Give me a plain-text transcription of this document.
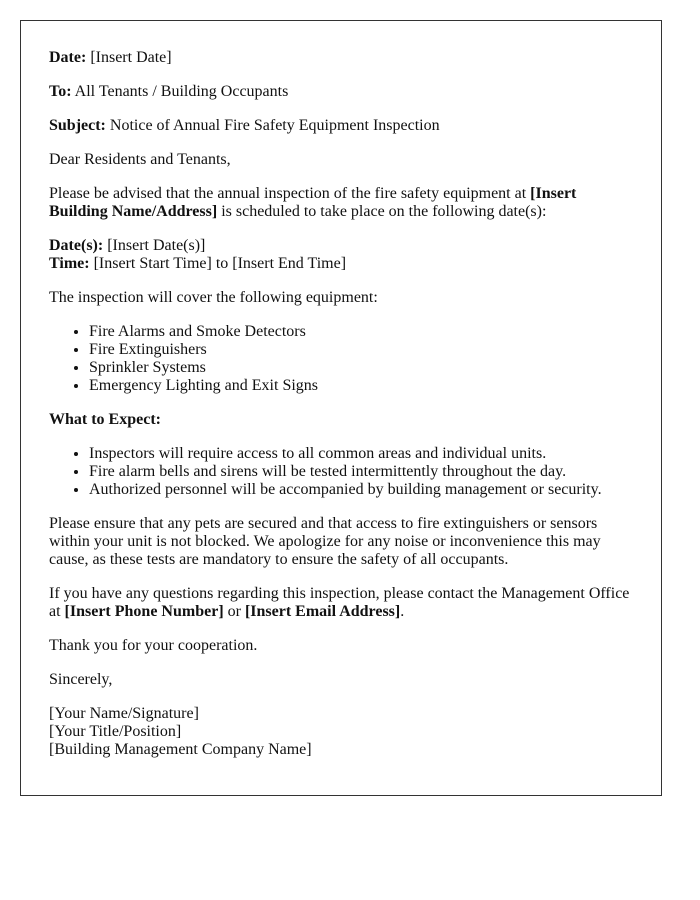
Date: [Insert Date]

To: All Tenants / Building Occupants

Subject: Notice of Annual Fire Safety Equipment Inspection

Dear Residents and Tenants,

Please be advised that the annual inspection of the fire safety equipment at [Insert Building Name/Address] is scheduled to take place on the following date(s):

Date(s): [Insert Date(s)]
Time: [Insert Start Time] to [Insert End Time]

The inspection will cover the following equipment:

• Fire Alarms and Smoke Detectors
• Fire Extinguishers
• Sprinkler Systems
• Emergency Lighting and Exit Signs

What to Expect:

• Inspectors will require access to all common areas and individual units.
• Fire alarm bells and sirens will be tested intermittently throughout the day.
• Authorized personnel will be accompanied by building management or security.

Please ensure that any pets are secured and that access to fire extinguishers or sensors within your unit is not blocked. We apologize for any noise or inconvenience this may cause, as these tests are mandatory to ensure the safety of all occupants.

If you have any questions regarding this inspection, please contact the Management Office at [Insert Phone Number] or [Insert Email Address].

Thank you for your cooperation.

Sincerely,

[Your Name/Signature]
[Your Title/Position]
[Building Management Company Name]
